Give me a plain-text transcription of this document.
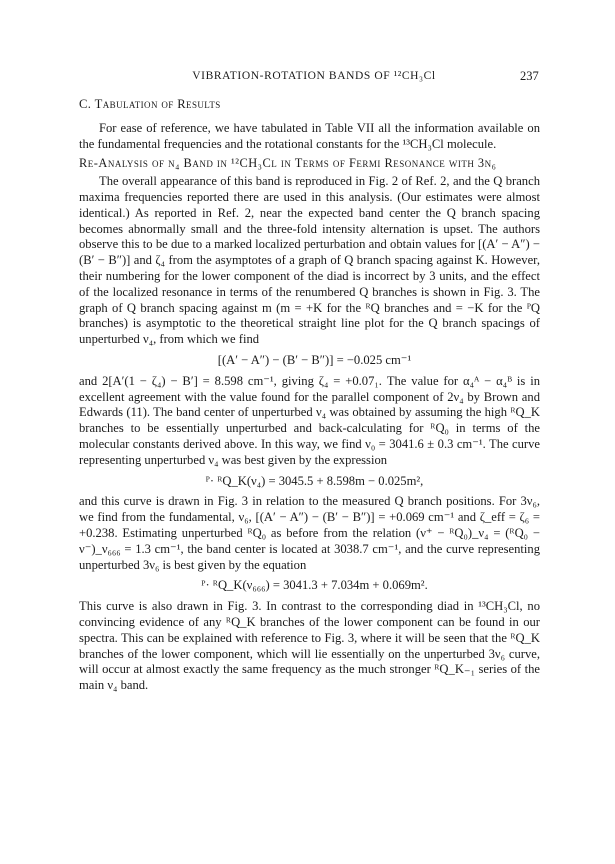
VIBRATION-ROTATION BANDS OF ¹²CH₃Cl	237
C. Tabulation of Results

For ease of reference, we have tabulated in Table VII all the information available on the fundamental frequencies and the rotational constants for the ¹³CH₃Cl molecule.

Re-Analysis of ν₄ Band in ¹²CH₃Cl in Terms of Fermi Resonance with 3ν₆

The overall appearance of this band is reproduced in Fig. 2 of Ref. 2, and the Q branch maxima frequencies reported there are used in this analysis. (Our estimates were almost identical.) As reported in Ref. 2, near the expected band center the Q branch spacing becomes abnormally small and the three-fold intensity alternation is upset. The authors observe this to be due to a marked localized perturbation and obtain values for [(A′ − A″) − (B′ − B″)] and ζ₄ from the asymptotes of a graph of Q branch spacing against K. However, their numbering for the lower component of the diad is incorrect by 3 units, and the effect of the localized resonance in terms of the renumbered Q branches is shown in Fig. 3. The graph of Q branch spacing against m (m = +K for the ᴿQ branches and = −K for the ᴾQ branches) is asymptotic to the theoretical straight line plot for the Q branch spacings of unperturbed ν₄, from which we find

[(A′ − A″) − (B′ − B″)] = −0.025 cm⁻¹

and 2[A′(1 − ζ₄) − B′] = 8.598 cm⁻¹, giving ζ₄ = +0.07₁. The value for α₄ᴬ − α₄ᴮ is in excellent agreement with the value found for the parallel component of 2ν₄ by Brown and Edwards (11). The band center of unperturbed ν₄ was obtained by assuming the high ᴿQ_K branches to be essentially unperturbed and back-calculating for ᴿQ₀ in terms of the molecular constants derived above. In this way, we find ν₀ = 3041.6 ± 0.3 cm⁻¹. The curve representing unperturbed ν₄ was best given by the expression

ᴾ· ᴿQ_K(ν₄) = 3045.5 + 8.598m − 0.025m²,

and this curve is drawn in Fig. 3 in relation to the measured Q branch positions. For 3ν₆, we find from the fundamental, ν₆, [(A′ − A″) − (B′ − B″)] = +0.069 cm⁻¹ and ζ_eff = ζ₆ = +0.238. Estimating unperturbed ᴿQ₀ as before from the relation (ν⁺ − ᴿQ₀)_ν₄ = (ᴿQ₀ − ν⁻)_ν₆₆₆ = 1.3 cm⁻¹, the band center is located at 3038.7 cm⁻¹, and the curve representing unperturbed 3ν₆ is best given by the equation

ᴾ· ᴿQ_K(ν₆₆₆) = 3041.3 + 7.034m + 0.069m².

This curve is also drawn in Fig. 3. In contrast to the corresponding diad in ¹³CH₃Cl, no convincing evidence of any ᴿQ_K branches of the lower component can be found in our spectra. This can be explained with reference to Fig. 3, where it will be seen that the ᴿQ_K branches of the lower component, which will lie essentially on the unperturbed 3ν₆ curve, will occur at almost exactly the same frequency as the much stronger ᴿQ_K₋₁ series of the main ν₄ band.
